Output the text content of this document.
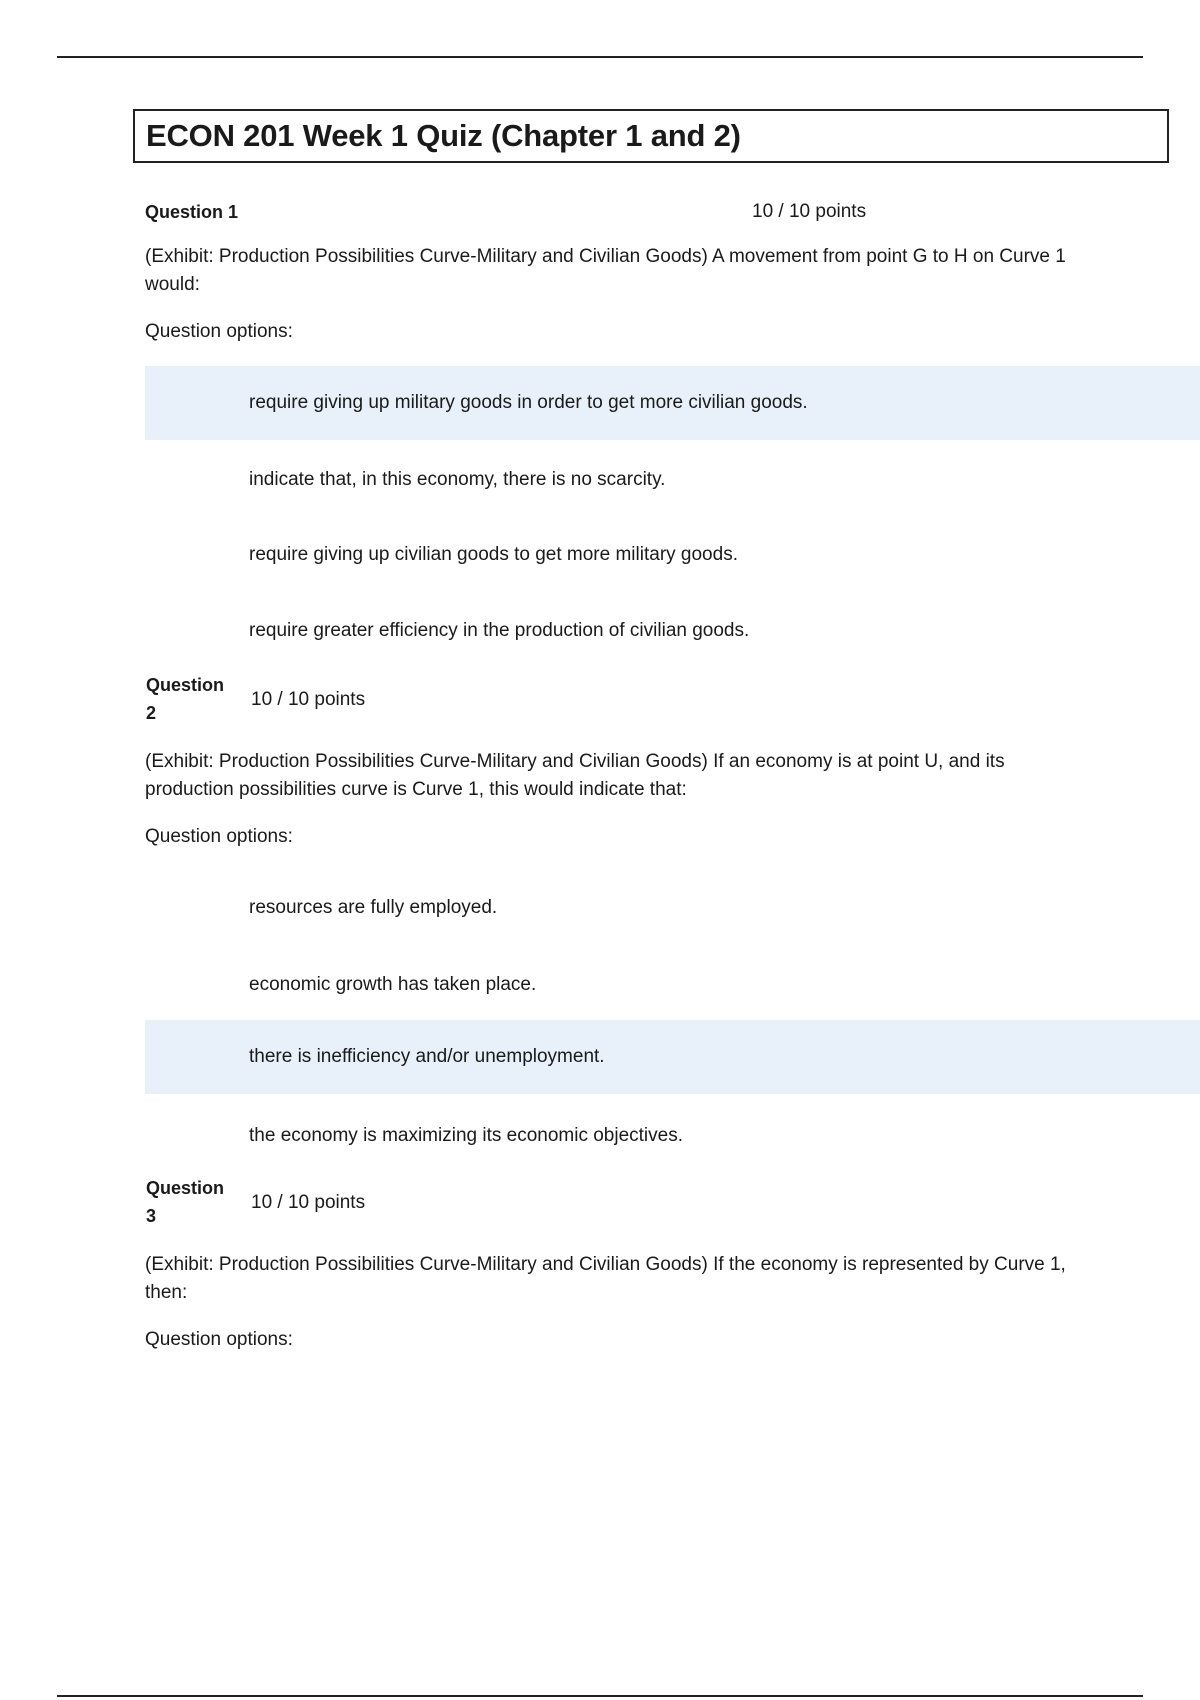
ECON 201 Week 1 Quiz (Chapter 1 and 2)
Question 1	10 / 10 points

(Exhibit: Production Possibilities Curve-Military and Civilian Goods) A movement from point G to H on Curve 1 would:

Question options:
require giving up military goods in order to get more civilian goods.
indicate that, in this economy, there is no scarcity.
require giving up civilian goods to get more military goods.
require greater efficiency in the production of civilian goods.
Question
2
10 / 10 points

(Exhibit: Production Possibilities Curve-Military and Civilian Goods) If an economy is at point U, and its production possibilities curve is Curve 1, this would indicate that:

Question options:
resources are fully employed.
economic growth has taken place.
there is inefficiency and/or unemployment.
the economy is maximizing its economic objectives.
Question
3
10 / 10 points

(Exhibit: Production Possibilities Curve-Military and Civilian Goods) If the economy is represented by Curve 1, then:

Question options:
